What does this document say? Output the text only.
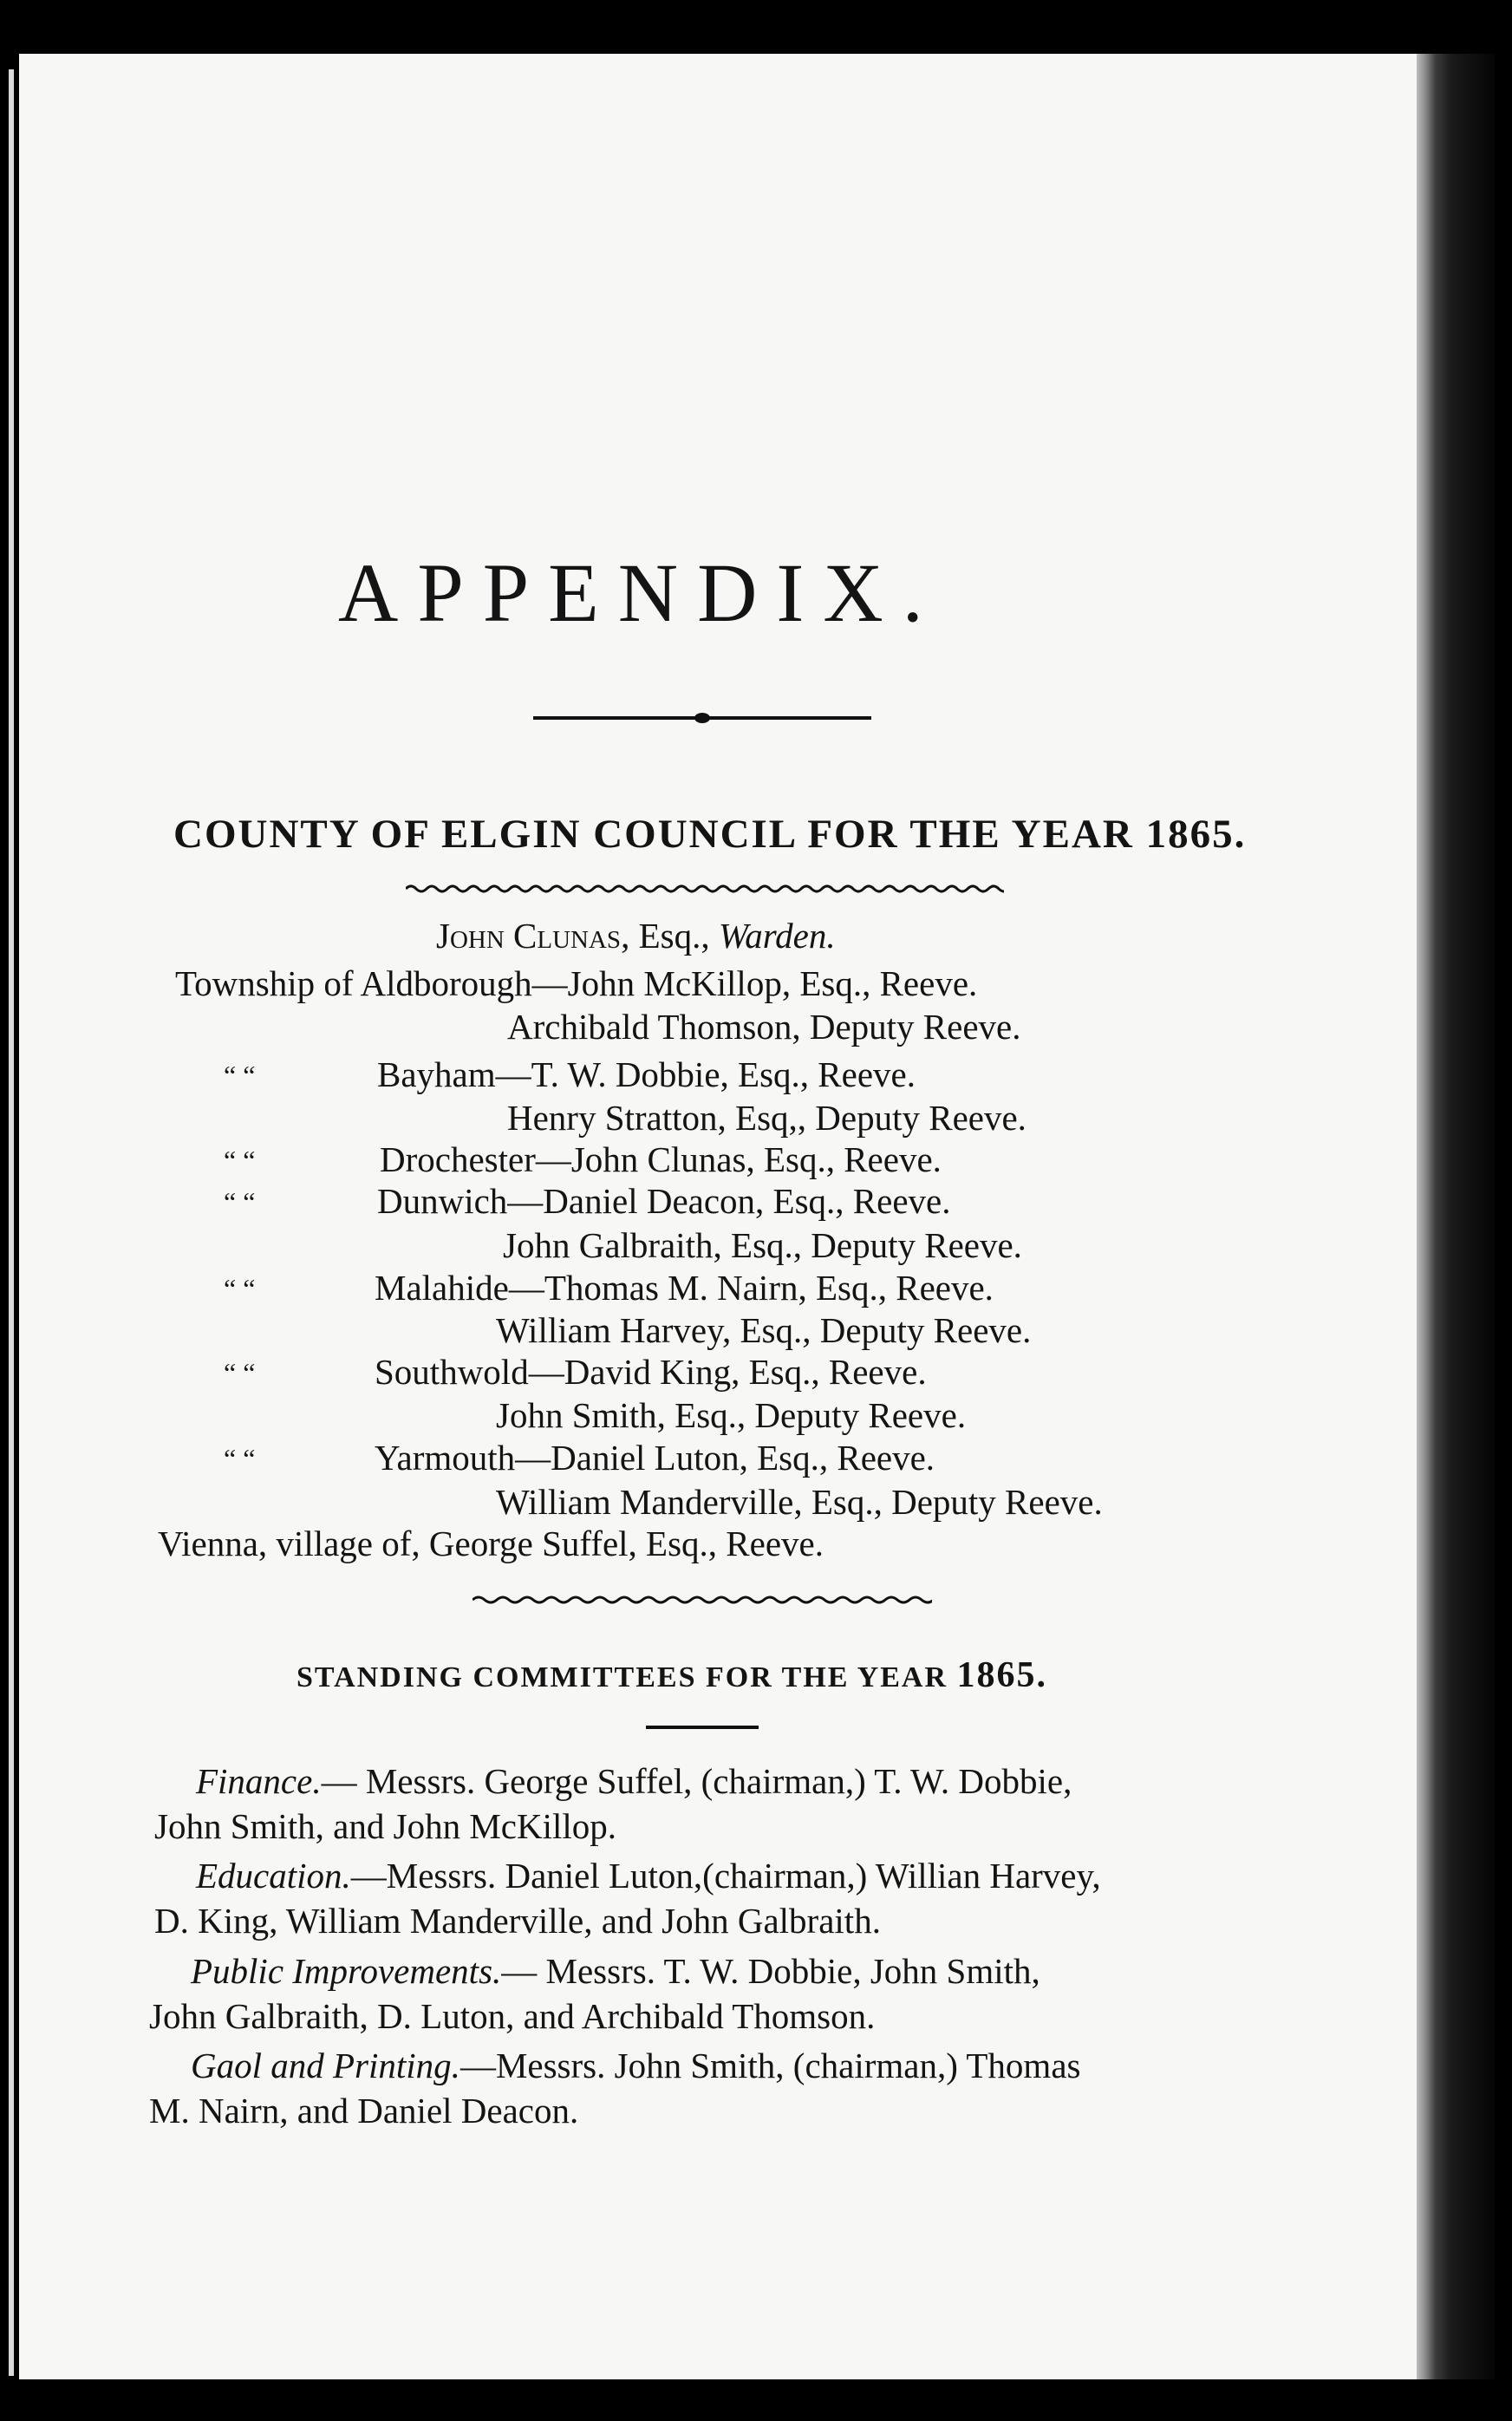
APPENDIX.
COUNTY OF ELGIN COUNCIL FOR THE YEAR 1865.
John Clunas, Esq., Warden.
Township of Aldborough—John McKillop, Esq., Reeve.
Archibald Thomson, Deputy Reeve.
“ “	Bayham—T. W. Dobbie, Esq., Reeve.
Henry Stratton, Esq,, Deputy Reeve.
“ “	Drochester—John Clunas, Esq., Reeve.
“ “	Dunwich—Daniel Deacon, Esq., Reeve.
John Galbraith, Esq., Deputy Reeve.
“ “	Malahide—Thomas M. Nairn, Esq., Reeve.
William Harvey, Esq., Deputy Reeve.
“ “	Southwold—David King, Esq., Reeve.
John Smith, Esq., Deputy Reeve.
“ “	Yarmouth—Daniel Luton, Esq., Reeve.
William Manderville, Esq., Deputy Reeve.
Vienna, village of, George Suffel, Esq., Reeve.
STANDING COMMITTEES FOR THE YEAR 1865.
Finance.— Messrs. George Suffel, (chairman,) T. W. Dobbie,
John Smith, and John McKillop.
Education.—Messrs. Daniel Luton,(chairman,) Willian Harvey,
D. King, William Manderville, and John Galbraith.
Public Improvements.— Messrs. T. W. Dobbie, John Smith,
John Galbraith, D. Luton, and Archibald Thomson.
Gaol and Printing.—Messrs. John Smith, (chairman,) Thomas
M. Nairn, and Daniel Deacon.
